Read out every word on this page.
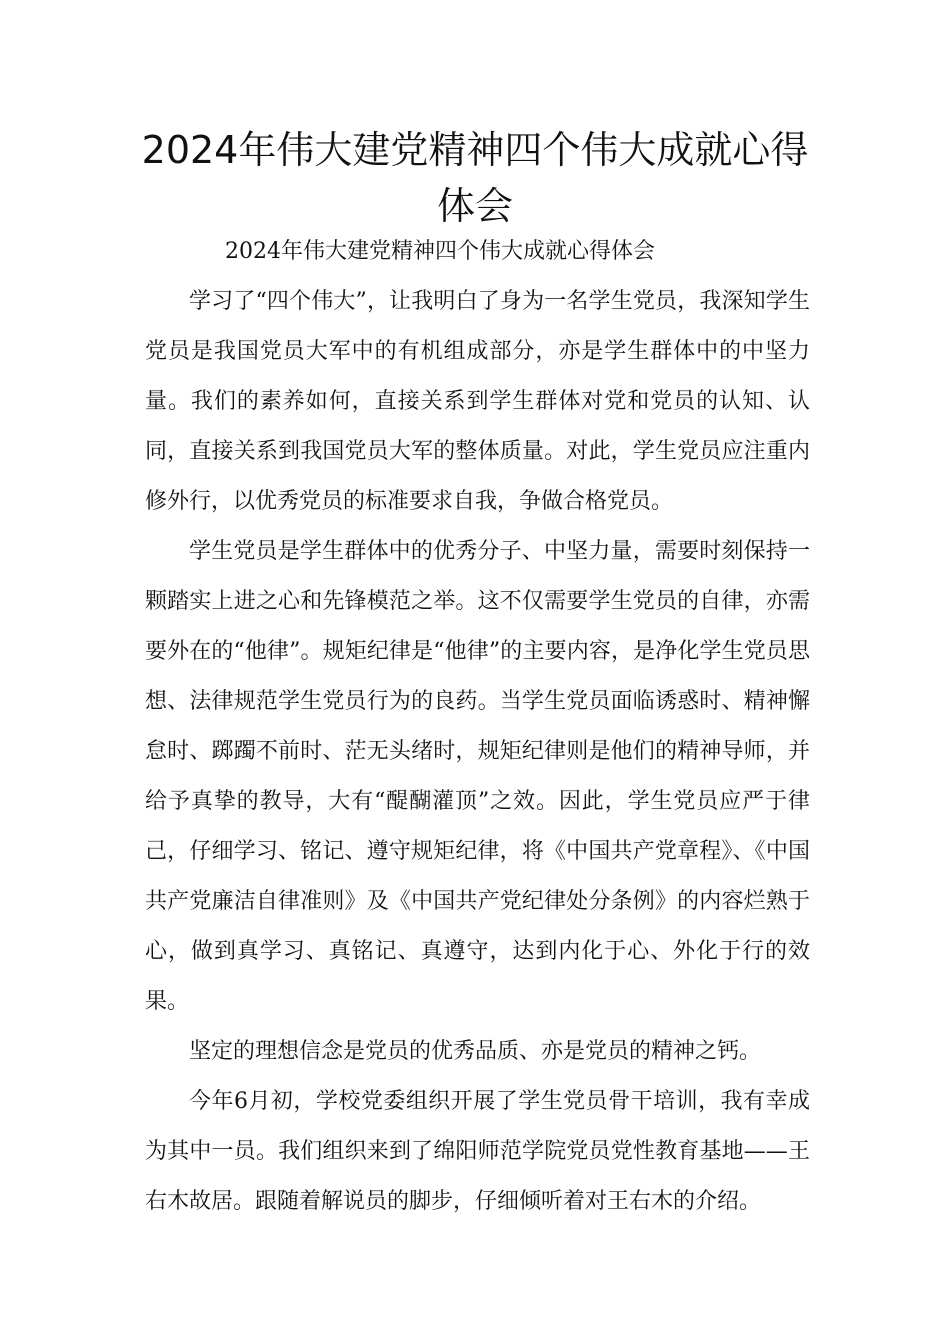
2024年伟大建党精神四个伟大成就心得体会

2024年伟大建党精神四个伟大成就心得体会

学习了“四个伟大”，让我明白了身为一名学生党员，我深知学生党员是我国党员大军中的有机组成部分，亦是学生群体中的中坚力量。我们的素养如何，直接关系到学生群体对党和党员的认知、认同，直接关系到我国党员大军的整体质量。对此，学生党员应注重内修外行，以优秀党员的标准要求自我，争做合格党员。

学生党员是学生群体中的优秀分子、中坚力量，需要时刻保持一颗踏实上进之心和先锋模范之举。这不仅需要学生党员的自律，亦需要外在的“他律”。规矩纪律是“他律”的主要内容，是净化学生党员思想、法律规范学生党员行为的良药。当学生党员面临诱惑时、精神懈怠时、踯躅不前时、茫无头绪时，规矩纪律则是他们的精神导师，并给予真挚的教导，大有“醍醐灌顶”之效。因此，学生党员应严于律己，仔细学习、铭记、遵守规矩纪律，将《中国共产党章程》、《中国共产党廉洁自律准则》及《中国共产党纪律处分条例》的内容烂熟于心，做到真学习、真铭记、真遵守，达到内化于心、外化于行的效果。

坚定的理想信念是党员的优秀品质、亦是党员的精神之钙。

今年6月初，学校党委组织开展了学生党员骨干培训，我有幸成为其中一员。我们组织来到了绵阳师范学院党员党性教育基地——王右木故居。跟随着解说员的脚步，仔细倾听着对王右木的介绍。
